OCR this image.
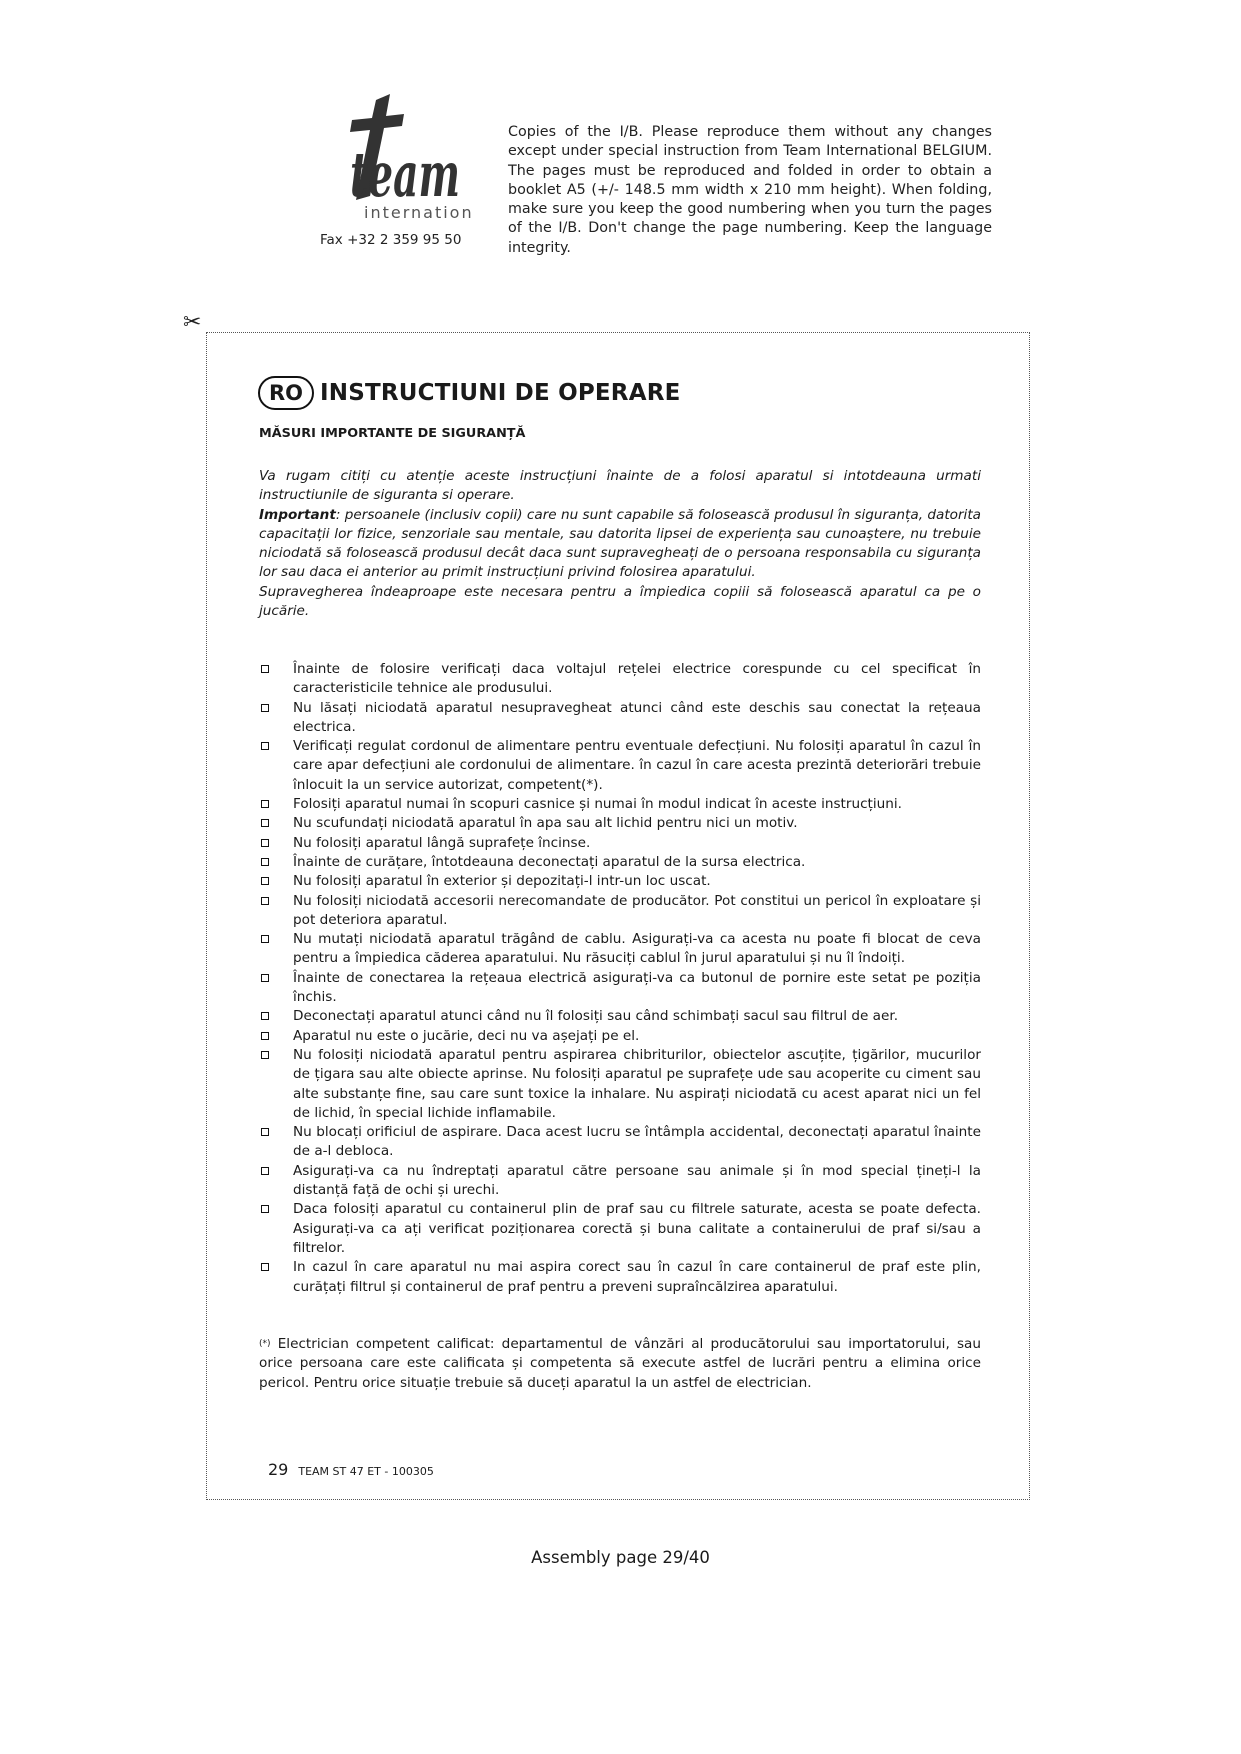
team
internation
Fax +32 2 359 95 50
Copies of the I/B. Please reproduce them without any changes except under special instruction from Team International BELGIUM. The pages must be reproduced and folded in order to obtain a booklet A5 (+/- 148.5 mm width x 210 mm height). When folding, make sure you keep the good numbering when you turn the pages of the I/B. Don't change the page numbering. Keep the language integrity.
✂
RO INSTRUCTIUNI DE OPERARE
MĂSURI IMPORTANTE DE SIGURANȚĂ

Va rugam citiți cu atenție aceste instrucțiuni înainte de a folosi aparatul si intotdeauna urmati instructiunile de siguranta si operare.

Important: persoanele (inclusiv copii) care nu sunt capabile să folosească produsul în siguranța, datorita capacitații lor fizice, senzoriale sau mentale, sau datorita lipsei de experiența sau cunoaștere, nu trebuie niciodată să folosească produsul decât daca sunt supravegheați de o persoana responsabila cu siguranța lor sau daca ei anterior au primit instrucțiuni privind folosirea aparatului.

Supravegherea îndeaproape este necesara pentru a împiedica copiii să folosească aparatul ca pe o jucărie.

Înainte de folosire verificați daca voltajul rețelei electrice corespunde cu cel specificat în caracteristicile tehnice ale produsului.
Nu lăsați niciodată aparatul nesupravegheat atunci când este deschis sau conectat la rețeaua electrica.
Verificați regulat cordonul de alimentare pentru eventuale defecțiuni. Nu folosiți aparatul în cazul în care apar defecțiuni ale cordonului de alimentare. în cazul în care acesta prezintă deteriorări trebuie înlocuit la un service autorizat, competent(*).
Folosiți aparatul numai în scopuri casnice și numai în modul indicat în aceste instrucțiuni.
Nu scufundați niciodată aparatul în apa sau alt lichid pentru nici un motiv.
Nu folosiți aparatul lângă suprafețe încinse.
Înainte de curățare, întotdeauna deconectați aparatul de la sursa electrica.
Nu folosiți aparatul în exterior și depozitați-l intr-un loc uscat.
Nu folosiți niciodată accesorii nerecomandate de producător. Pot constitui un pericol în exploatare și pot deteriora aparatul.
Nu mutați niciodată aparatul trăgând de cablu. Asigurați-va ca acesta nu poate fi blocat de ceva pentru a împiedica căderea aparatului. Nu răsuciți cablul în jurul aparatului și nu îl îndoiți.
Înainte de conectarea la rețeaua electrică asigurați-va ca butonul de pornire este setat pe poziția închis.
Deconectați aparatul atunci când nu îl folosiți sau când schimbați sacul sau filtrul de aer.
Aparatul nu este o jucărie, deci nu va așejați pe el.
Nu folosiți niciodată aparatul pentru aspirarea chibriturilor, obiectelor ascuțite, țigărilor, mucurilor de țigara sau alte obiecte aprinse. Nu folosiți aparatul pe suprafețe ude sau acoperite cu ciment sau alte substanțe fine, sau care sunt toxice la inhalare. Nu aspirați niciodată cu acest aparat nici un fel de lichid, în special lichide inflamabile.
Nu blocați orificiul de aspirare. Daca acest lucru se întâmpla accidental, deconectați aparatul înainte de a-l debloca.
Asigurați-va ca nu îndreptați aparatul către persoane sau animale și în mod special țineți-l la distanță față de ochi și urechi.
Daca folosiți aparatul cu containerul plin de praf sau cu filtrele saturate, acesta se poate defecta. Asigurați-va ca ați verificat poziționarea corectă și buna calitate a containerului de praf si/sau a filtrelor.
In cazul în care aparatul nu mai aspira corect sau în cazul în care containerul de praf este plin, curățați filtrul și containerul de praf pentru a preveni supraîncălzirea aparatului.
(*) Electrician competent calificat: departamentul de vânzări al producătorului sau importatorului, sau orice persoana care este calificata și competenta să execute astfel de lucrări pentru a elimina orice pericol. Pentru orice situație trebuie să duceți aparatul la un astfel de electrician.
29 TEAM ST 47 ET - 100305
Assembly page 29/40
